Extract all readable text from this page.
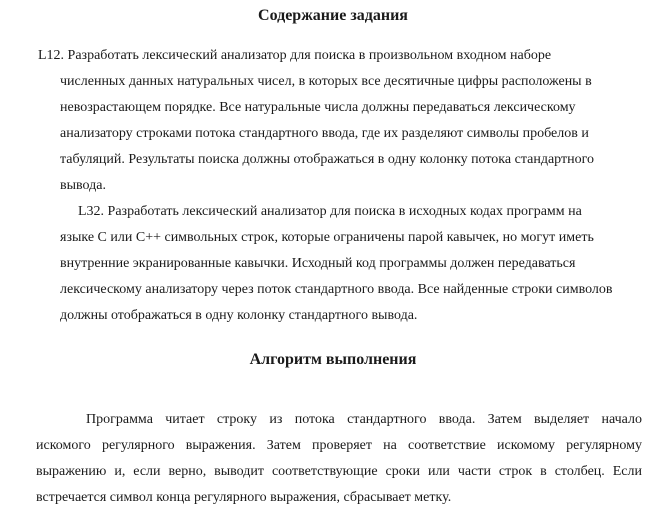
Содержание задания
L12. Разработать лексический анализатор для поиска в произвольном входном наборе
численных данных натуральных чисел, в которых все десятичные цифры расположены в
невозрастающем порядке. Все натуральные числа должны передаваться лексическому
анализатору строками потока стандартного ввода, где их разделяют символы пробелов и
табуляций. Результаты поиска должны отображаться в одну колонку потока стандартного
вывода.
L32. Разработать лексический анализатор для поиска в исходных кодах программ на
языке С или С++ символьных строк, которые ограничены парой кавычек, но могут иметь
внутренние экранированные кавычки. Исходный код программы должен передаваться
лексическому анализатору через поток стандартного ввода. Все найденные строки символов
должны отображаться в одну колонку стандартного вывода.
Алгоритм выполнения
Программа читает строку из потока стандартного ввода. Затем выделяет начало
искомого регулярного выражения. Затем проверяет на соответствие искомому регулярному
выражению и, если верно, выводит соответствующие сроки или части строк в столбец. Если
встречается символ конца регулярного выражения, сбрасывает метку.
